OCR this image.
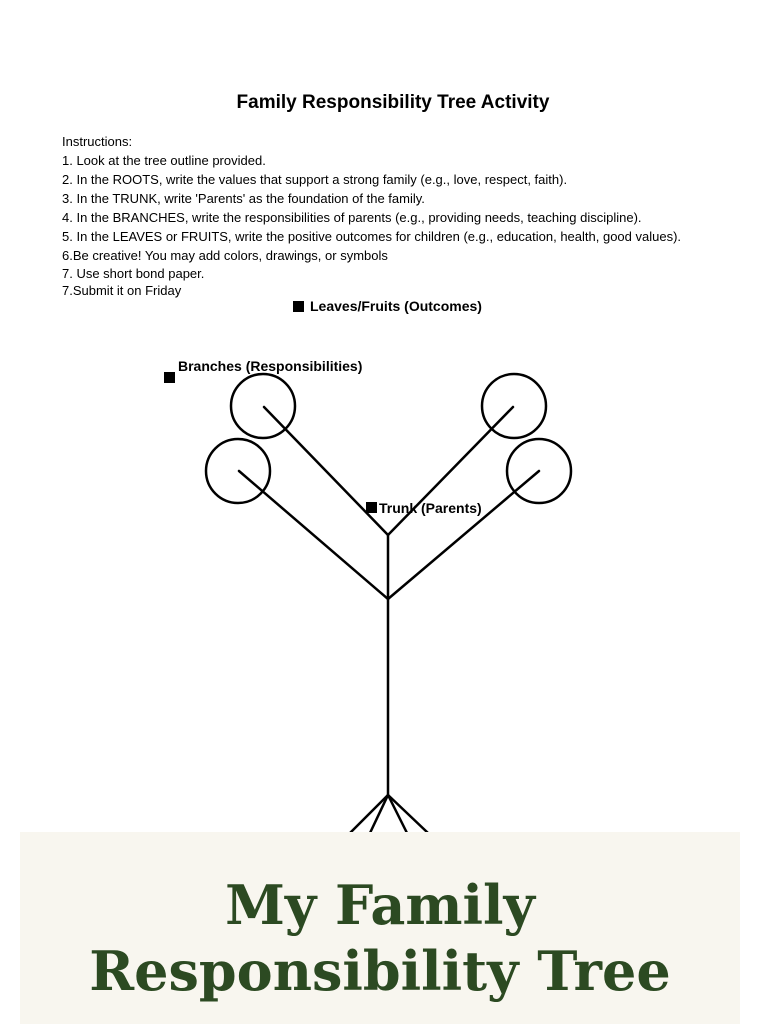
Family Responsibility Tree Activity
Instructions:
1. Look at the tree outline provided.
2. In the ROOTS, write the values that support a strong family (e.g., love, respect, faith).
3. In the TRUNK, write 'Parents' as the foundation of the family.
4. In the BRANCHES, write the responsibilities of parents (e.g., providing needs, teaching discipline).
5. In the LEAVES or FRUITS, write the positive outcomes for children (e.g., education, health, good values).
6.Be creative! You may add colors, drawings, or symbols
7. Use short bond paper.
7.Submit it on Friday
Leaves/Fruits (Outcomes)
Branches (Responsibilities)
Trunk (Parents)
My Family
Responsibility Tree
